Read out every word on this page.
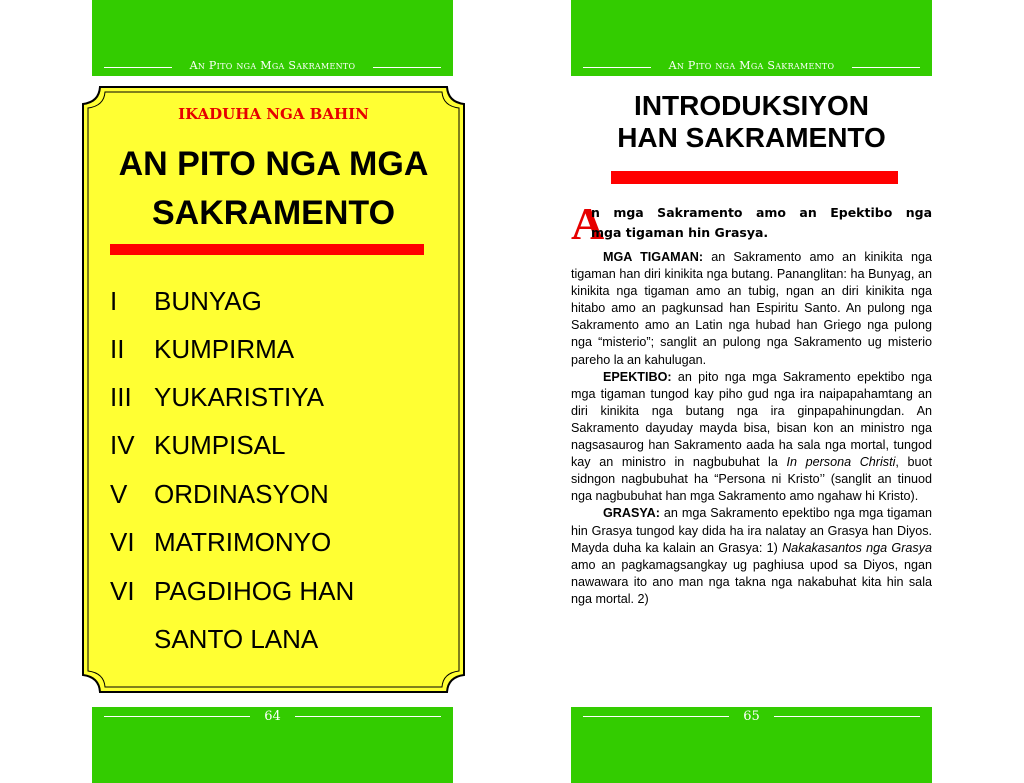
An Pito nga Mga Sakramento
IKADUHA NGA BAHIN
AN PITO NGA MGA
SAKRAMENTO
I	BUNYAG
II	KUMPIRMA
III YUKARISTIYA
IV KUMPISAL
V	ORDINASYON
VI MATRIMONYO
VI PAGDIHOG HAN
SANTO LANA
64
An Pito nga Mga Sakramento
INTRODUKSIYON
HAN SAKRAMENTO
A
n mga Sakramento amo an Epektibo nga
mga tigaman hin Grasya.

MGA TIGAMAN: an Sakramento amo an kinikita nga tigaman han diri kinikita nga butang. Pananglitan: ha Bunyag, an kinikita nga tigaman amo an tubig, ngan an diri kinikita nga hitabo amo an pagkunsad han Espiritu Santo. An pulong nga Sakramento amo an Latin nga hubad han Griego nga pulong nga “misterio”; sanglit an pulong nga Sakramento ug misterio pareho la an kahulugan.

EPEKTIBO: an pito nga mga Sakramento epektibo nga mga tigaman tungod kay piho gud nga ira naipapahamtang an diri kinikita nga butang nga ira ginpapahinungdan. An Sakramento dayuday mayda bisa, bisan kon an ministro nga nagsasaurog han Sakramento aada ha sala nga mortal, tungod kay an ministro in nagbubuhat la In persona Christi, buot sidngon nagbubuhat ha “Persona ni Kristo’’ (sanglit an tinuod nga nagbubuhat han mga Sakramento amo ngahaw hi Kristo).

GRASYA: an mga Sakramento epektibo nga mga tigaman hin Grasya tungod kay dida ha ira nalatay an Grasya han Diyos. Mayda duha ka kalain an Grasya: 1) Nakakasantos nga Grasya amo an pagkamagsangkay ug paghiusa upod sa Diyos, ngan nawawara ito ano man nga takna nga nakabuhat kita hin sala nga mortal. 2)

65
